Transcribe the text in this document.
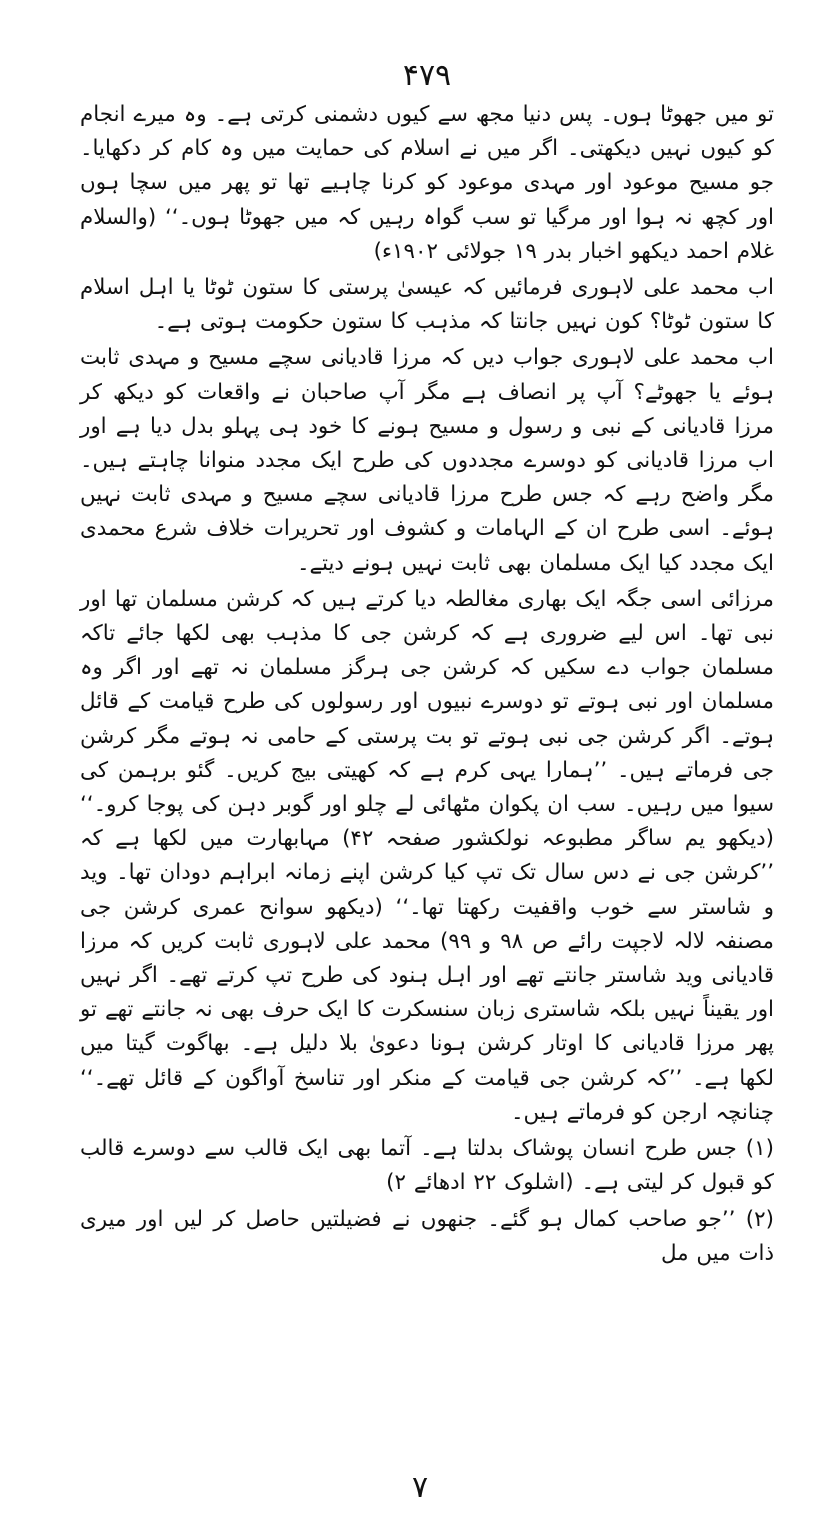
۴۷۹

تو میں جھوٹا ہوں۔ پس دنیا مجھ سے کیوں دشمنی کرتی ہے۔ وہ میرے انجام کو کیوں نہیں دیکھتی۔ اگر میں نے اسلام کی حمایت میں وہ کام کر دکھایا۔ جو مسیح موعود اور مہدی موعود کو کرنا چاہیے تھا تو پھر میں سچا ہوں اور کچھ نہ ہوا اور مرگیا تو سب گواہ رہیں کہ میں جھوٹا ہوں۔‘‘ (والسلام غلام احمد دیکھو اخبار بدر ۱۹ جولائی ۱۹۰۲ء)

اب محمد علی لاہوری فرمائیں کہ عیسیٰ پرستی کا ستون ٹوٹا یا اہل اسلام کا ستون ٹوٹا؟ کون نہیں جانتا کہ مذہب کا ستون حکومت ہوتی ہے۔

اب محمد علی لاہوری جواب دیں کہ مرزا قادیانی سچے مسیح و مہدی ثابت ہوئے یا جھوٹے؟ آپ پر انصاف ہے مگر آپ صاحبان نے واقعات کو دیکھ کر مرزا قادیانی کے نبی و رسول و مسیح ہونے کا خود ہی پہلو بدل دیا ہے اور اب مرزا قادیانی کو دوسرے مجددوں کی طرح ایک مجدد منوانا چاہتے ہیں۔ مگر واضح رہے کہ جس طرح مرزا قادیانی سچے مسیح و مہدی ثابت نہیں ہوئے۔ اسی طرح ان کے الہامات و کشوف اور تحریرات خلاف شرع محمدی ایک مجدد کیا ایک مسلمان بھی ثابت نہیں ہونے دیتے۔

مرزائی اسی جگہ ایک بھاری مغالطہ دیا کرتے ہیں کہ کرشن مسلمان تھا اور نبی تھا۔ اس لیے ضروری ہے کہ کرشن جی کا مذہب بھی لکھا جائے تاکہ مسلمان جواب دے سکیں کہ کرشن جی ہرگز مسلمان نہ تھے اور اگر وہ مسلمان اور نبی ہوتے تو دوسرے نبیوں اور رسولوں کی طرح قیامت کے قائل ہوتے۔ اگر کرشن جی نبی ہوتے تو بت پرستی کے حامی نہ ہوتے مگر کرشن جی فرماتے ہیں۔ ’’ہمارا یہی کرم ہے کہ کھیتی بیج کریں۔ گئو برہمن کی سیوا میں رہیں۔ سب ان پکوان مٹھائی لے چلو اور گوبر دہن کی پوجا کرو۔‘‘ (دیکھو یم ساگر مطبوعہ نولکشور صفحہ ۴۲) مہابھارت میں لکھا ہے کہ ’’کرشن جی نے دس سال تک تپ کیا کرشن اپنے زمانہ ابراہم دودان تھا۔ وید و شاستر سے خوب واقفیت رکھتا تھا۔‘‘ (دیکھو سوانح عمری کرشن جی مصنفہ لالہ لاجپت رائے ص ۹۸ و ۹۹) محمد علی لاہوری ثابت کریں کہ مرزا قادیانی وید شاستر جانتے تھے اور اہل ہنود کی طرح تپ کرتے تھے۔ اگر نہیں اور یقیناً نہیں بلکہ شاستری زبان سنسکرت کا ایک حرف بھی نہ جانتے تھے تو پھر مرزا قادیانی کا اوتار کرشن ہونا دعویٰ بلا دلیل ہے۔ بھاگوت گیتا میں لکھا ہے۔ ’’کہ کرشن جی قیامت کے منکر اور تناسخ آواگون کے قائل تھے۔‘‘ چنانچہ ارجن کو فرماتے ہیں۔

(۱) جس طرح انسان پوشاک بدلتا ہے۔ آتما بھی ایک قالب سے دوسرے قالب کو قبول کر لیتی ہے۔ (اشلوک ۲۲ ادھائے ۲)

(۲) ’’جو صاحب کمال ہو گئے۔ جنھوں نے فضیلتیں حاصل کر لیں اور میری ذات میں مل

۷
